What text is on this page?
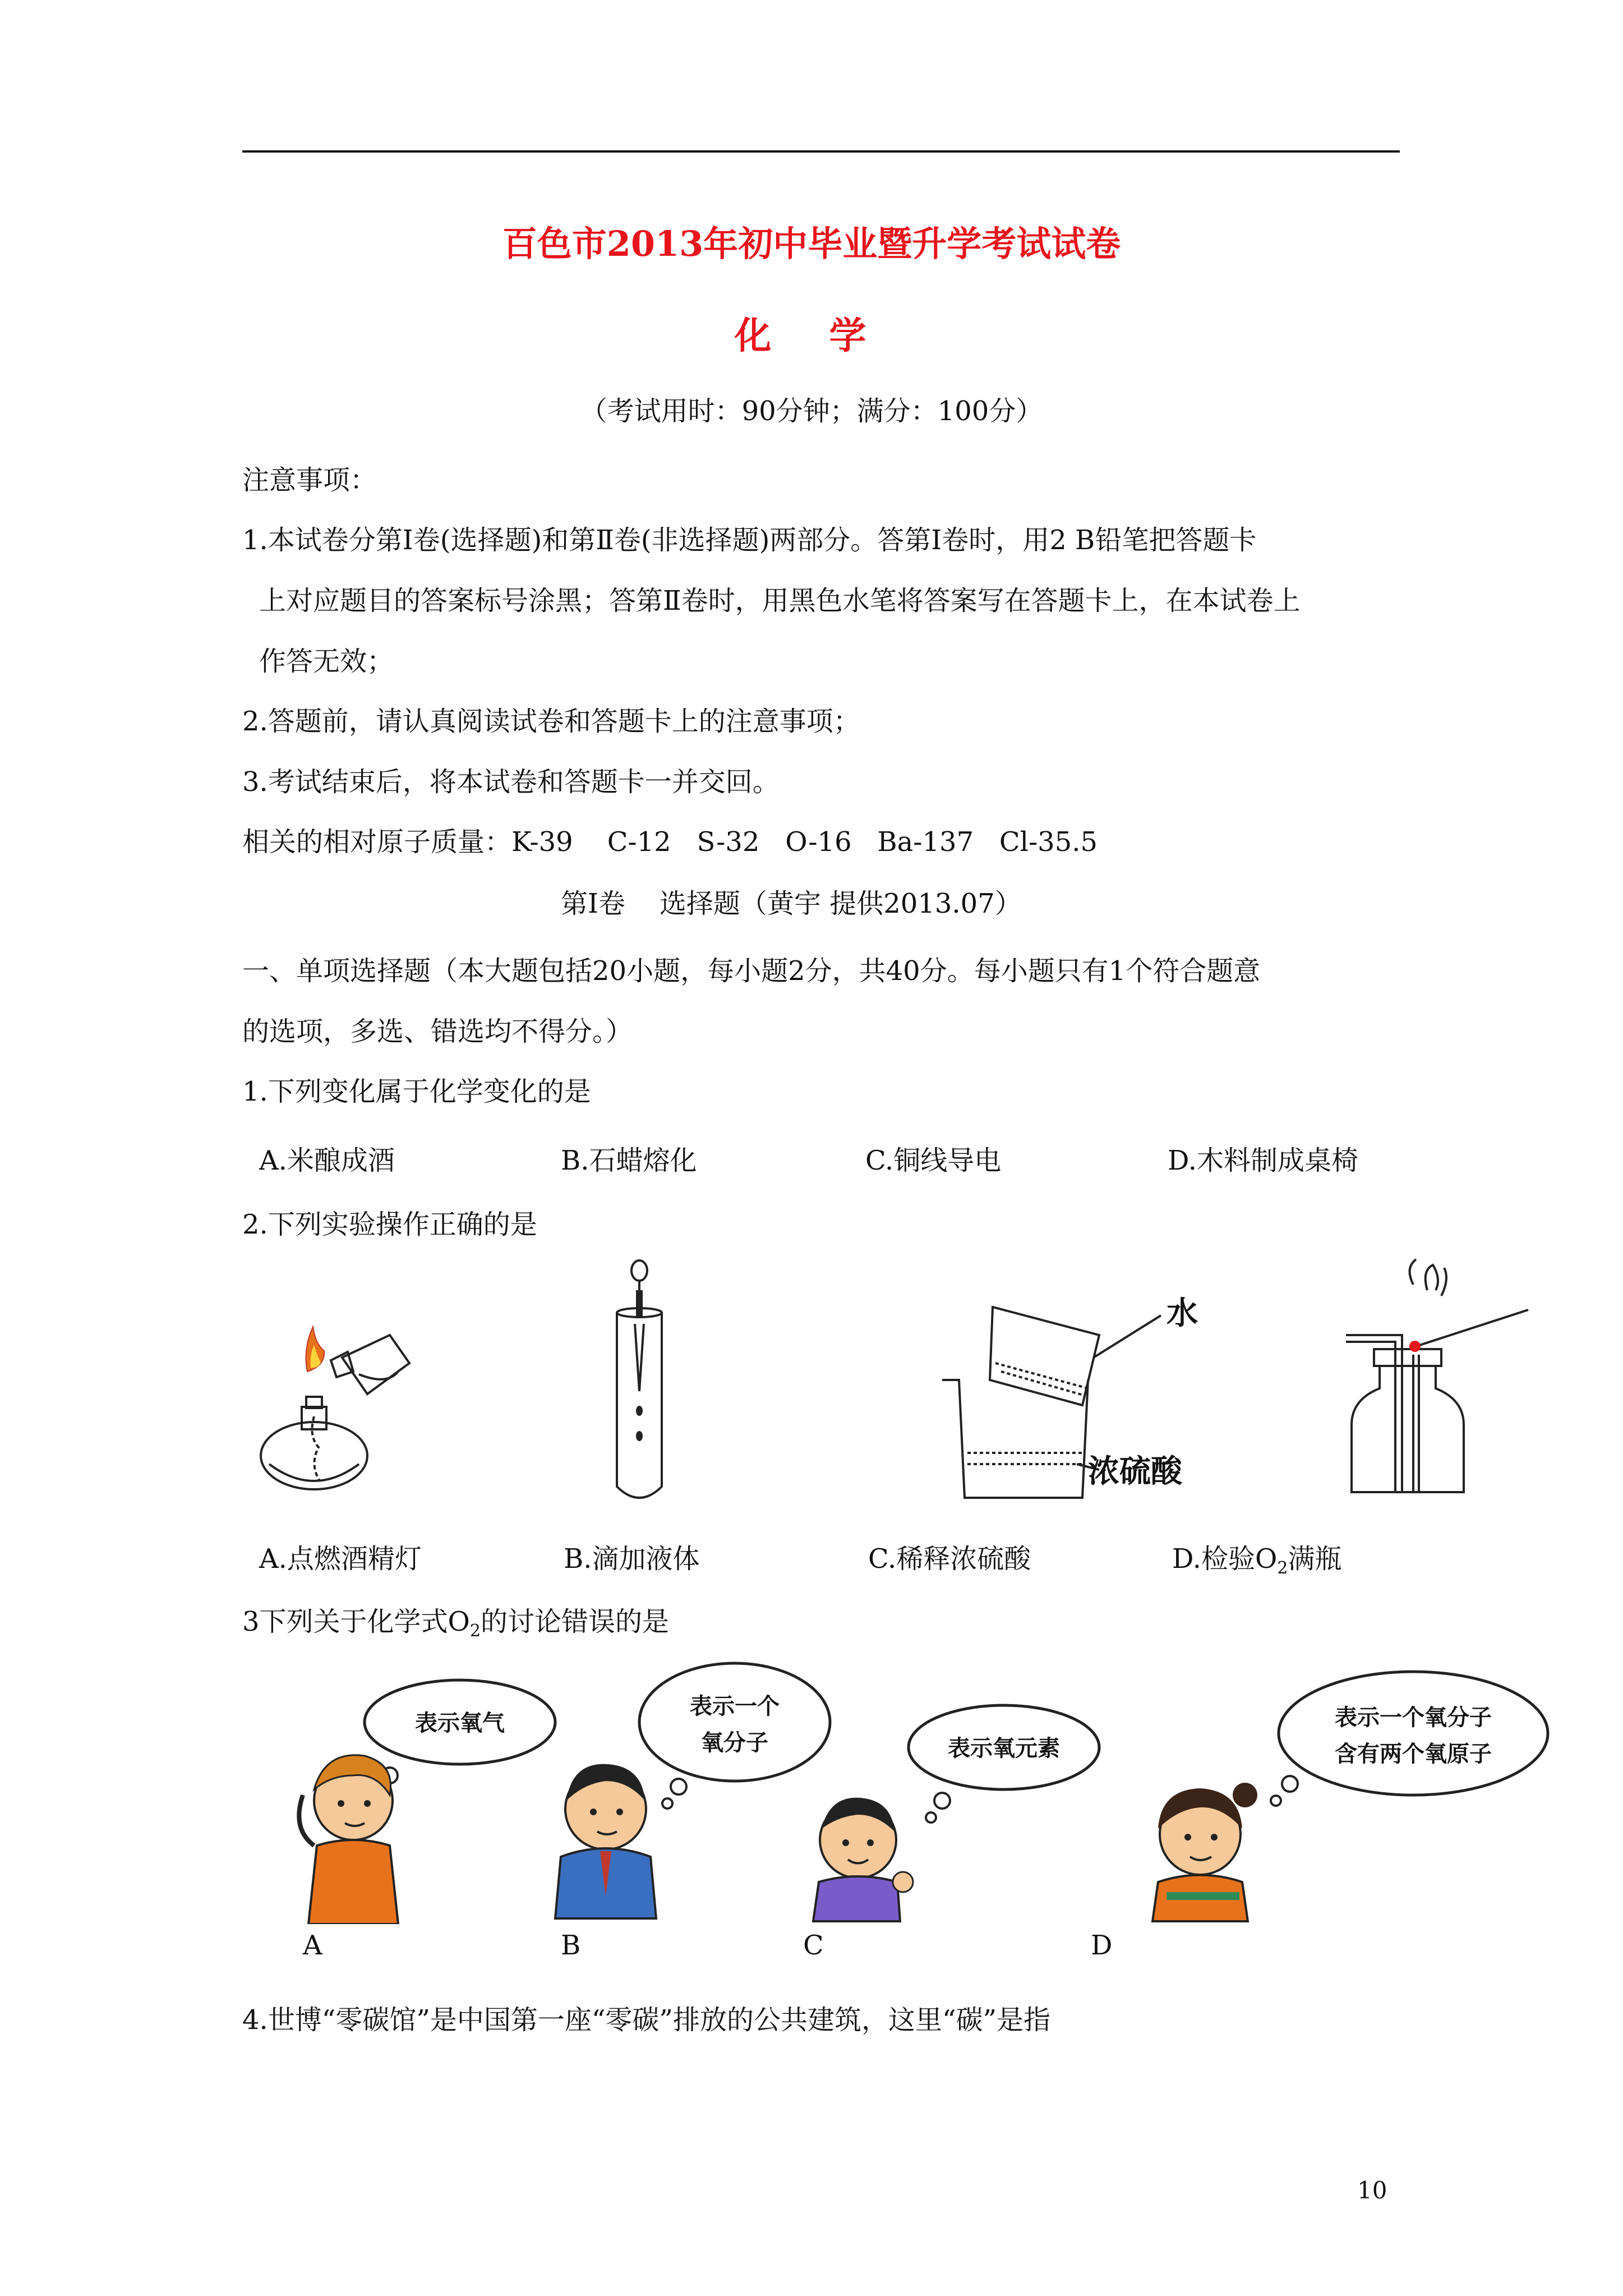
百色市2013年初中毕业暨升学考试试卷
化 学
（考试用时：90分钟；满分：100分）
注意事项：
1.本试卷分第Ⅰ卷(选择题)和第Ⅱ卷(非选择题)两部分。答第Ⅰ卷时，用2 B铅笔把答题卡
上对应题目的答案标号涂黑；答第Ⅱ卷时，用黑色水笔将答案写在答题卡上，在本试卷上
作答无效；
2.答题前，请认真阅读试卷和答题卡上的注意事项；
3.考试结束后，将本试卷和答题卡一并交回。
相关的相对原子质量：K-39    C-12   S-32   O-16   Ba-137   Cl-35.5
第Ⅰ卷    选择题（黄宇 提供2013.07）
一、单项选择题（本大题包括20小题，每小题2分，共40分。每小题只有1个符合题意
的选项，多选、错选均不得分。）
1.下列变化属于化学变化的是
A.米酿成酒	B.石蜡熔化	C.铜线导电	D.木料制成桌椅
2.下列实验操作正确的是
水
浓硫酸
A.点燃酒精灯	B.滴加液体	C.稀释浓硫酸	D.检验$O_2$满瓶
3下列关于化学式$O_2$的讨论错误的是
表示氧气
表示一个
氧分子	表示氧元素
表示一个氧分子
含有两个氧原子
A	B	C	D
4.世博“零碳馆”是中国第一座“零碳”排放的公共建筑，这里“碳”是指
10
